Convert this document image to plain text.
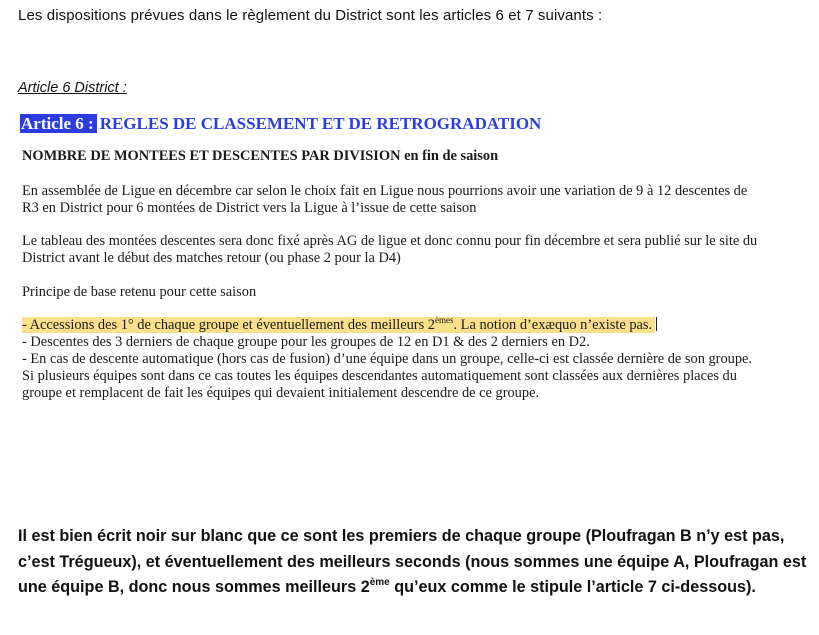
Les dispositions prévues dans le règlement du District sont les articles 6 et 7 suivants :
Article 6 District :

Article 6 : REGLES DE CLASSEMENT ET DE RETROGRADATION

NOMBRE DE MONTEES ET DESCENTES PAR DIVISION en fin de saison

En assemblée de Ligue en décembre car selon le choix fait en Ligue nous pourrions avoir une variation de 9 à 12 descentes de R3 en District pour 6 montées de District vers la Ligue à l’issue de cette saison

Le tableau des montées descentes sera donc fixé après AG de ligue et donc connu pour fin décembre et sera publié sur le site du District avant le début des matches retour (ou phase 2 pour la D4)

Principe de base retenu pour cette saison

- Accessions des 1° de chaque groupe et éventuellement des meilleurs 2èmes. La notion d’exæquo n’existe pas.

- Descentes des 3 derniers de chaque groupe pour les groupes de 12 en D1 & des 2 derniers en D2.

- En cas de descente automatique (hors cas de fusion) d’une équipe dans un groupe, celle-ci est classée dernière de son groupe. Si plusieurs équipes sont dans ce cas toutes les équipes descendantes automatiquement sont classées aux dernières places du groupe et remplacent de fait les équipes qui devaient initialement descendre de ce groupe.

Il est bien écrit noir sur blanc que ce sont les premiers de chaque groupe (Ploufragan B n’y est pas, c’est Trégueux), et éventuellement des meilleurs seconds (nous sommes une équipe A, Ploufragan est une équipe B, donc nous sommes meilleurs 2ème qu’eux comme le stipule l’article 7 ci-dessous).
